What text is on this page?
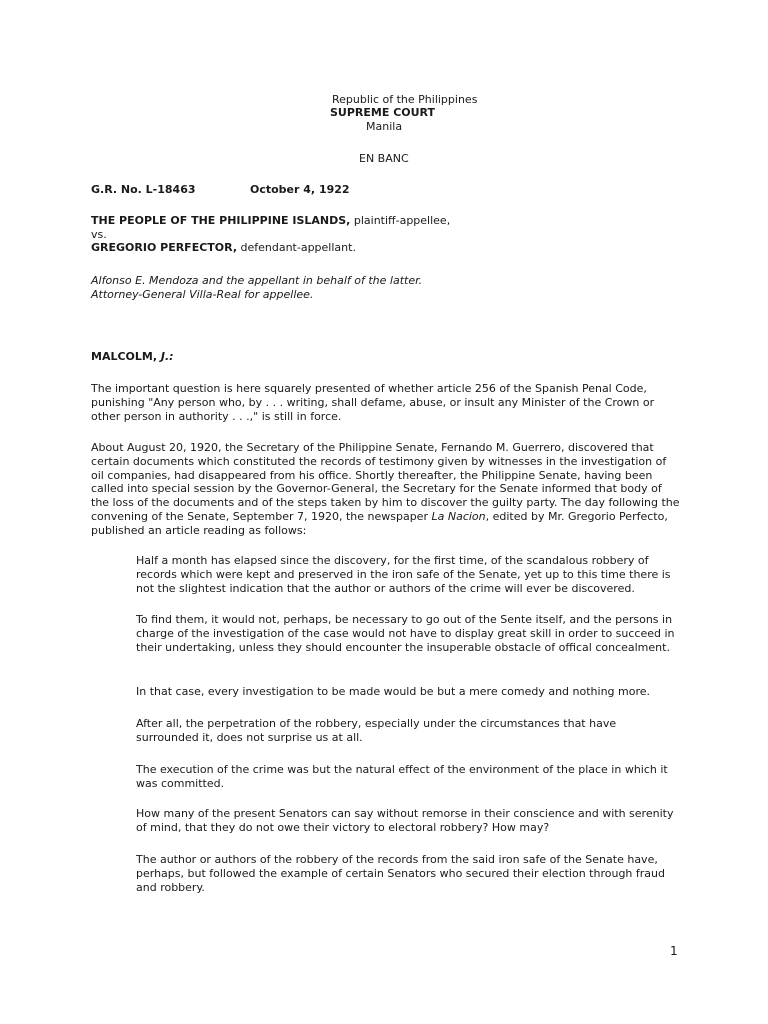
Republic of the Philippines
SUPREME COURT
Manila
EN BANC
G.R. No. L-18463	October 4, 1922
THE PEOPLE OF THE PHILIPPINE ISLANDS, plaintiff-appellee,
vs.
GREGORIO PERFECTOR, defendant-appellant.
Alfonso E. Mendoza and the appellant in behalf of the latter.
Attorney-General Villa-Real for appellee.
MALCOLM, J.:

The important question is here squarely presented of whether article 256 of the Spanish Penal Code, punishing "Any person who, by . . . writing, shall defame, abuse, or insult any Minister of the Crown or other person in authority . . .," is still in force.

About August 20, 1920, the Secretary of the Philippine Senate, Fernando M. Guerrero, discovered that certain documents which constituted the records of testimony given by witnesses in the investigation of oil companies, had disappeared from his office. Shortly thereafter, the Philippine Senate, having been called into special session by the Governor-General, the Secretary for the Senate informed that body of the loss of the documents and of the steps taken by him to discover the guilty party. The day following the convening of the Senate, September 7, 1920, the newspaper La Nacion, edited by Mr. Gregorio Perfecto, published an article reading as follows:

Half a month has elapsed since the discovery, for the first time, of the scandalous robbery of records which were kept and preserved in the iron safe of the Senate, yet up to this time there is not the slightest indication that the author or authors of the crime will ever be discovered.

To find them, it would not, perhaps, be necessary to go out of the Sente itself, and the persons in charge of the investigation of the case would not have to display great skill in order to succeed in their undertaking, unless they should encounter the insuperable obstacle of offical concealment.

In that case, every investigation to be made would be but a mere comedy and nothing more.

After all, the perpetration of the robbery, especially under the circumstances that have surrounded it, does not surprise us at all.

The execution of the crime was but the natural effect of the environment of the place in which it was committed.

How many of the present Senators can say without remorse in their conscience and with serenity of mind, that they do not owe their victory to electoral robbery? How may?

The author or authors of the robbery of the records from the said iron safe of the Senate have, perhaps, but followed the example of certain Senators who secured their election through fraud and robbery.

1
